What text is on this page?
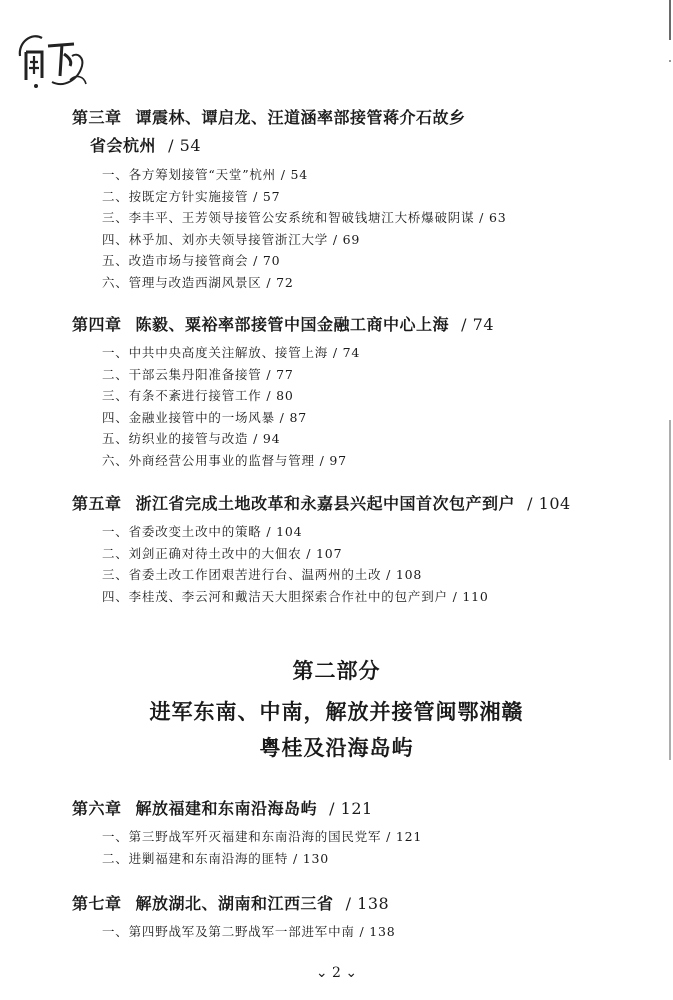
第三章 谭震林、谭启龙、汪道涵率部接管蒋介石故乡
省会杭州 / 54
一、各方筹划接管“天堂”杭州 / 54
二、按既定方针实施接管 / 57
三、李丰平、王芳领导接管公安系统和智破钱塘江大桥爆破阴谋 / 63
四、林乎加、刘亦夫领导接管浙江大学 / 69
五、改造市场与接管商会 / 70
六、管理与改造西湖风景区 / 72
第四章 陈毅、粟裕率部接管中国金融工商中心上海 / 74
一、中共中央高度关注解放、接管上海 / 74
二、干部云集丹阳准备接管 / 77
三、有条不紊进行接管工作 / 80
四、金融业接管中的一场风暴 / 87
五、纺织业的接管与改造 / 94
六、外商经营公用事业的监督与管理 / 97
第五章 浙江省完成土地改革和永嘉县兴起中国首次包产到户 / 104
一、省委改变土改中的策略 / 104
二、刘剑正确对待土改中的大佃农 / 107
三、省委土改工作团艰苦进行台、温两州的土改 / 108
四、李桂茂、李云河和戴洁天大胆探索合作社中的包产到户 / 110
第二部分
进军东南、中南，解放并接管闽鄂湘赣
粤桂及沿海岛屿
第六章 解放福建和东南沿海岛屿 / 121
一、第三野战军歼灭福建和东南沿海的国民党军 / 121
二、进剿福建和东南沿海的匪特 / 130
第七章 解放湖北、湖南和江西三省 / 138
一、第四野战军及第二野战军一部进军中南 / 138
⌄ 2 ⌄
